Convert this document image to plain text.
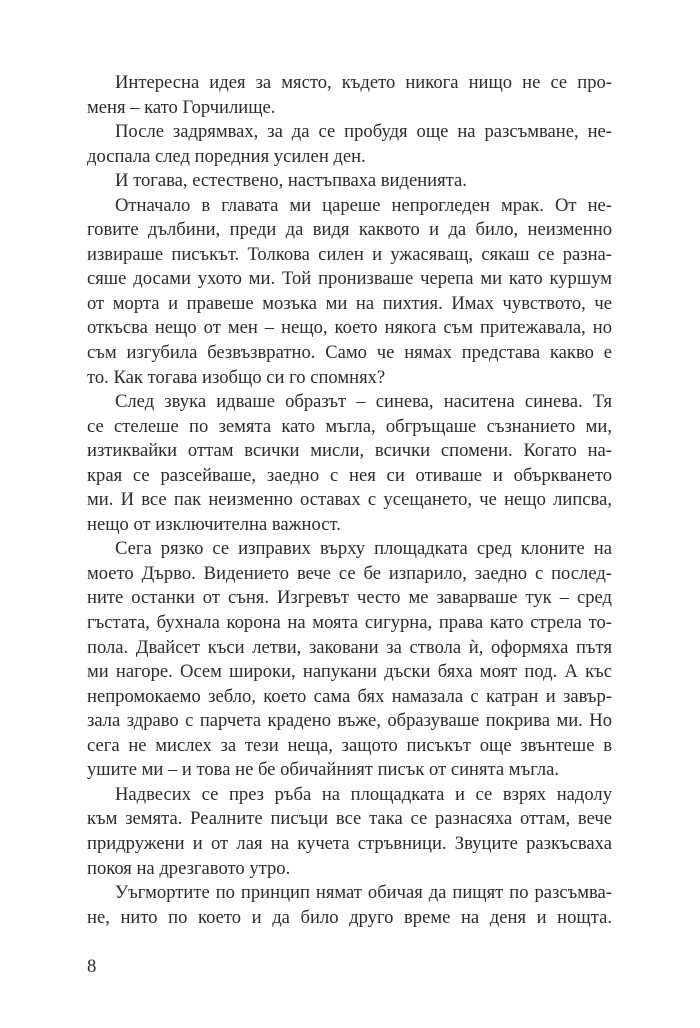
Интересна идея за място, където никога нищо не се про-
меня – като Горчилище.
После задрямвах, за да се пробудя още на разсъмване, не-
доспала след поредния усилен ден.
И тогава, естествено, настъпваха виденията.
Отначало в главата ми цареше непрогледен мрак. От не-
говите дълбини, преди да видя каквото и да било, неизменно
извираше писъкът. Толкова силен и ужасяващ, сякаш се разна-
сяше досами ухото ми. Той пронизваше черепа ми като куршум
от морта и правеше мозъка ми на пихтия. Имах чувството, че
откъсва нещо от мен – нещо, което някога съм притежавала, но
съм изгубила безвъзвратно. Само че нямах представа какво е
то. Как тогава изобщо си го спомнях?
След звука идваше образът – синева, наситена синева. Тя
се стелеше по земята като мъгла, обгръщаше съзнанието ми,
изтиквайки оттам всички мисли, всички спомени. Когато на-
края се разсейваше, заедно с нея си отиваше и объркването
ми. И все пак неизменно оставах с усещането, че нещо липсва,
нещо от изключителна важност.
Сега рязко се изправих върху площадката сред клоните на
моето Дърво. Видението вече се бе изпарило, заедно с послед-
ните останки от съня. Изгревът често ме заварваше тук – сред
гъстата, бухнала корона на моята сигурна, права като стрела то-
пола. Двайсет къси летви, заковани за ствола ѝ, оформяха пътя
ми нагоре. Осем широки, напукани дъски бяха моят под. А къс
непромокаемо зебло, което сама бях намазала с катран и завър-
зала здраво с парчета крадено въже, образуваше покрива ми. Но
сега не мислех за тези неща, защото писъкът още звънтеше в
ушите ми – и това не бе обичайният писък от синята мъгла.
Надвесих се през ръба на площадката и се взрях надолу
към земята. Реалните писъци все така се разнасяха оттам, вече
придружени и от лая на кучета стръвници. Звуците разкъсваха
покоя на дрезгавото утро.
Уъгмортите по принцип нямат обичая да пищят по разсъмва-
не, нито по което и да било друго време на деня и нощта.
8
